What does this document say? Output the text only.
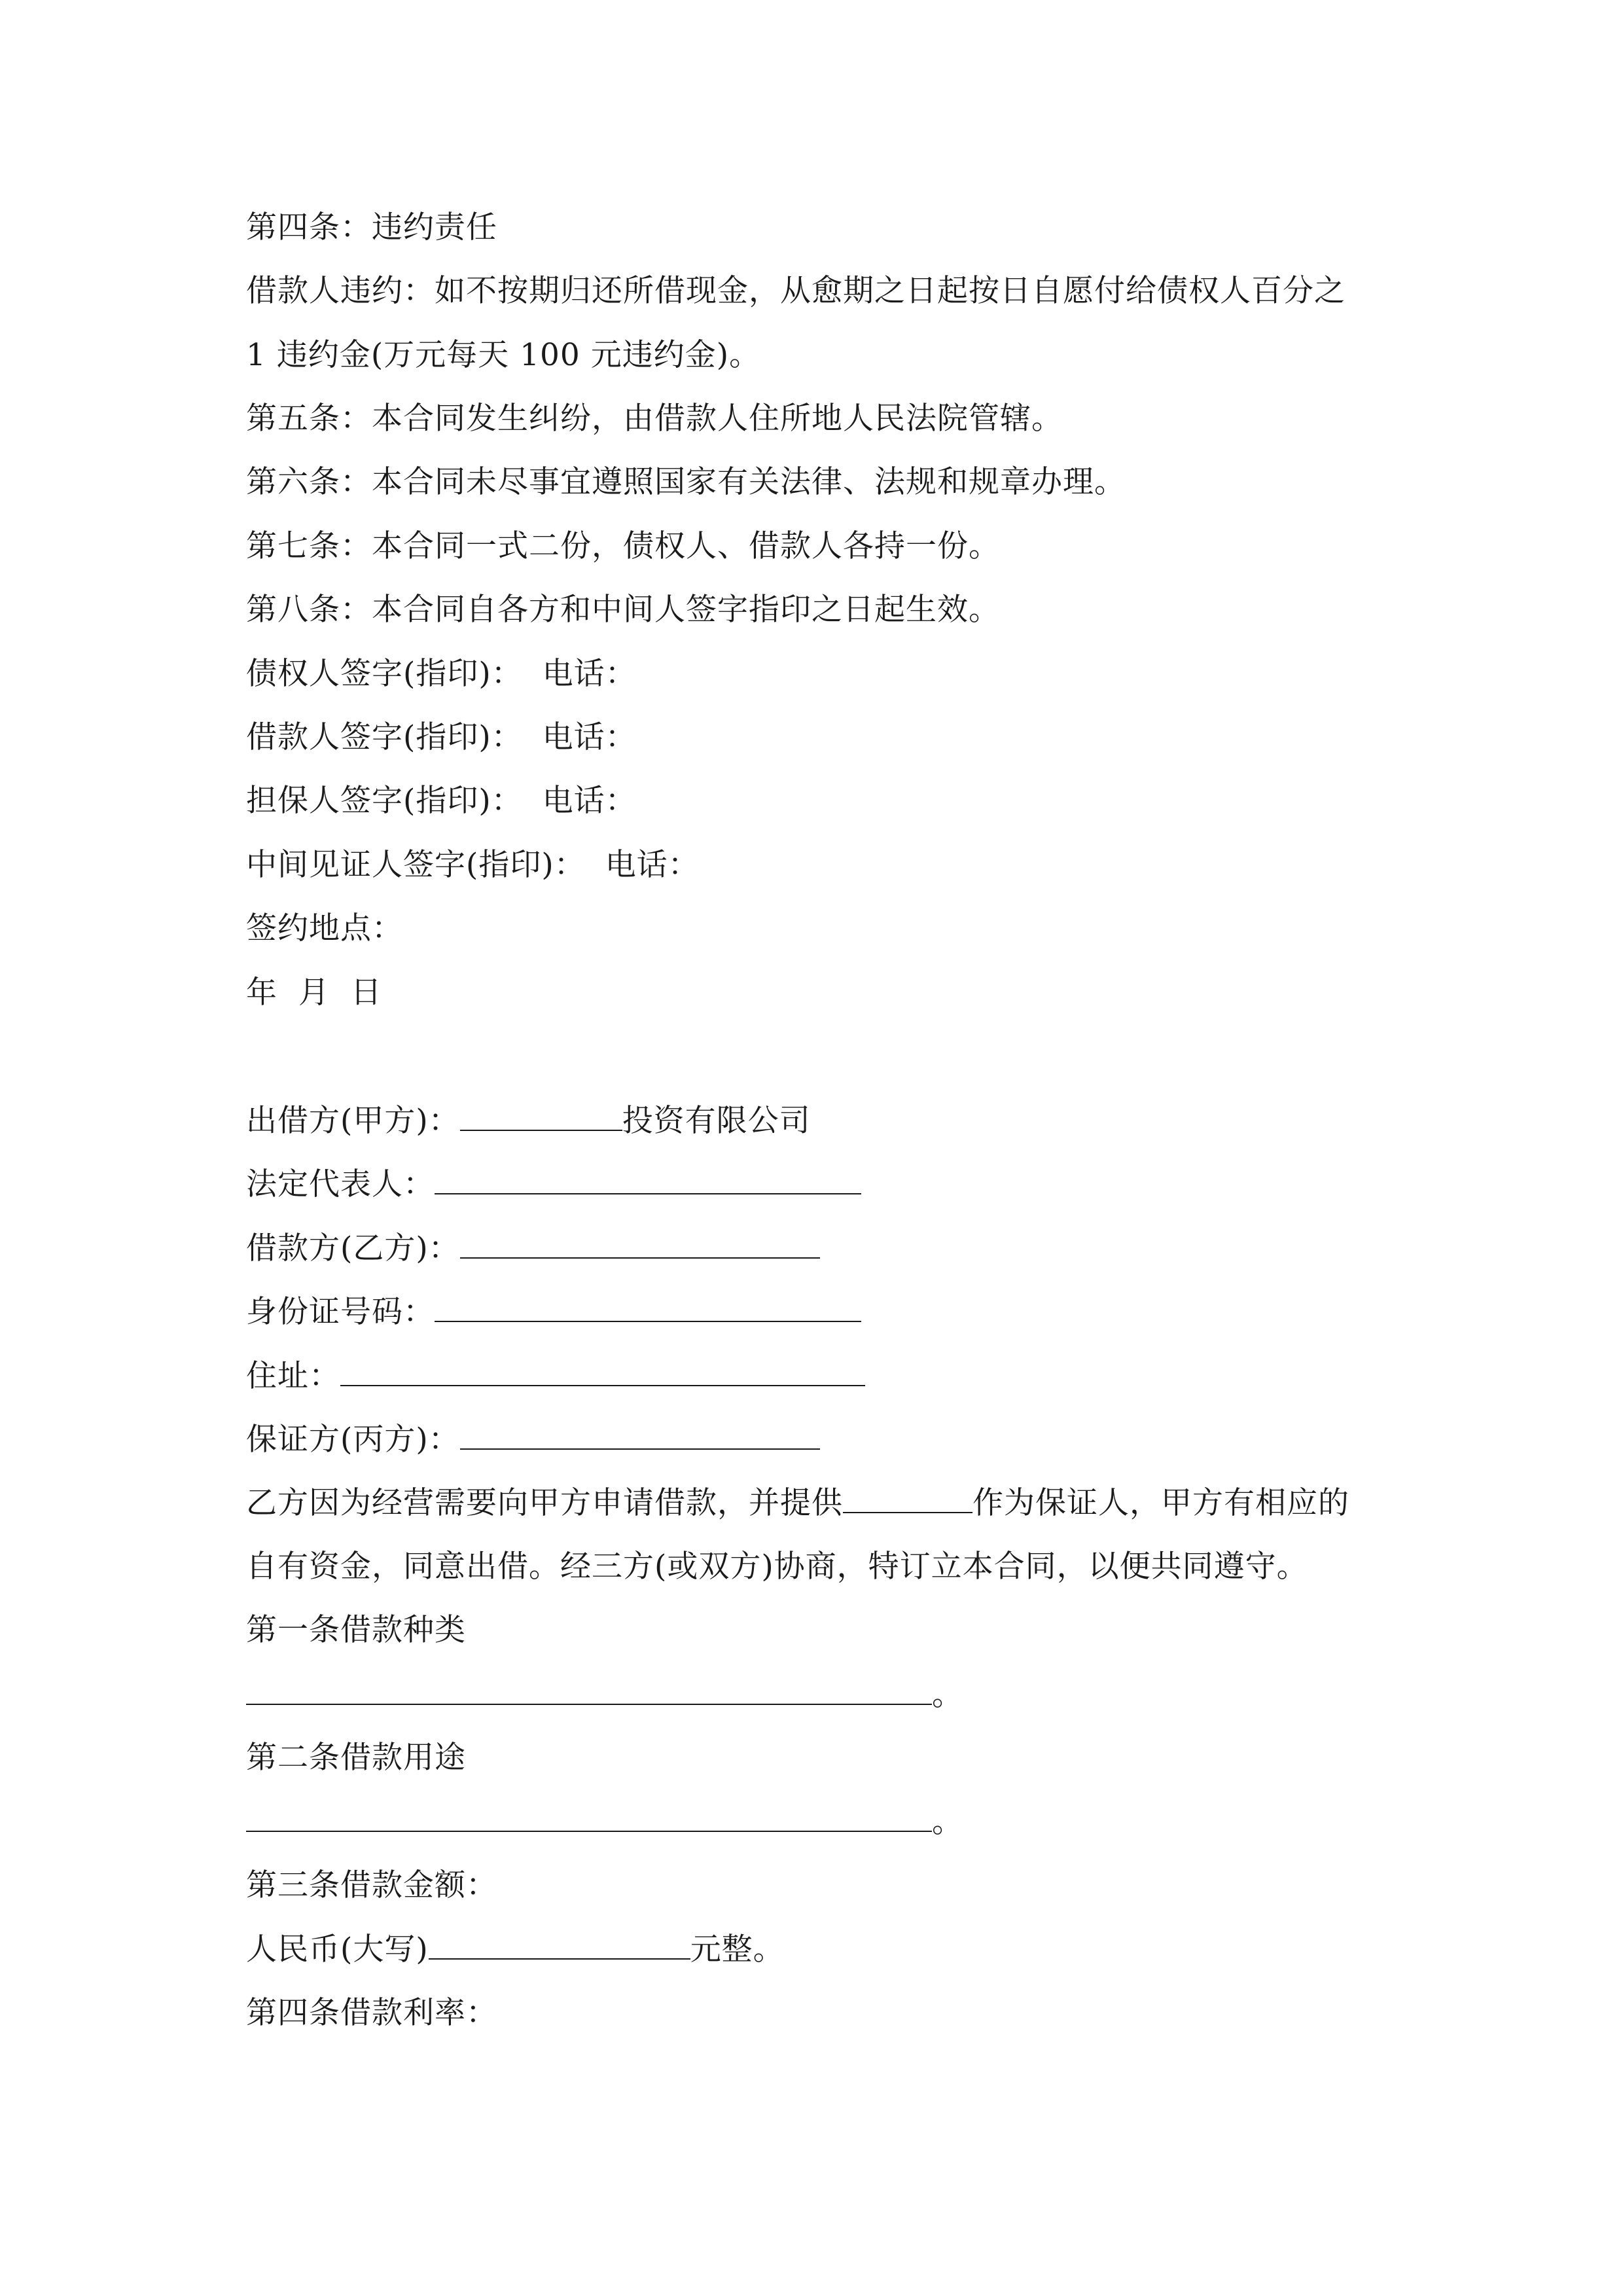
第四条：违约责任
借款人违约：如不按期归还所借现金，从愈期之日起按日自愿付给债权人百分之
1 违约金(万元每天 100 元违约金)。
第五条：本合同发生纠纷，由借款人住所地人民法院管辖。
第六条：本合同未尽事宜遵照国家有关法律、法规和规章办理。
第七条：本合同一式二份，债权人、借款人各持一份。
第八条：本合同自各方和中间人签字指印之日起生效。
债权人签字(指印)： 电话：
借款人签字(指印)： 电话：
担保人签字(指印)： 电话：
中间见证人签字(指印)： 电话：
签约地点：
年  月  日
出借方(甲方)：	投资有限公司
法定代表人：
借款方(乙方)：
身份证号码：
住址：
保证方(丙方)：
乙方因为经营需要向甲方申请借款，并提供	作为保证人，甲方有相应的
自有资金，同意出借。经三方(或双方)协商，特订立本合同，以便共同遵守。
第一条借款种类
。
第二条借款用途
。
第三条借款金额：
人民币(大写)	元整。
第四条借款利率：
